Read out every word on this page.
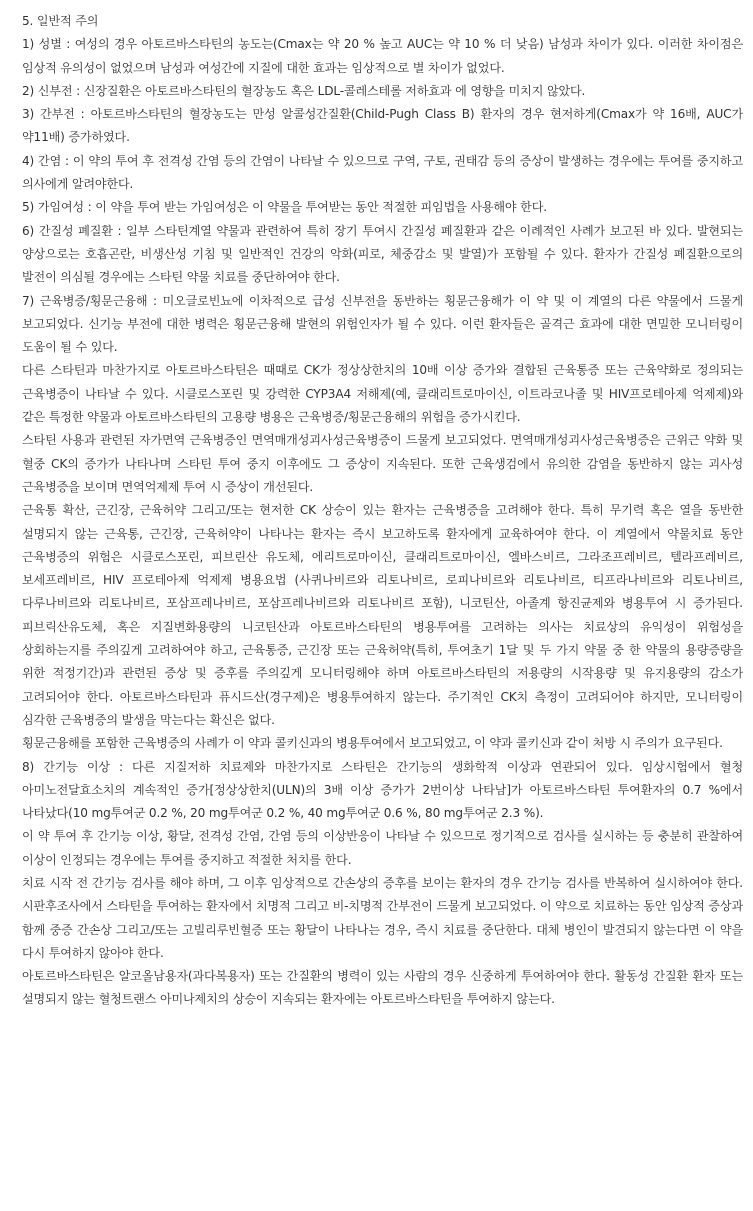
5. 일반적 주의

1) 성별 : 여성의 경우 아토르바스타틴의 농도는(Cmax는 약 20 % 높고 AUC는 약 10 % 더 낮음) 남성과 차이가 있다. 이러한 차이점은 임상적 유의성이 없었으며 남성과 여성간에 지질에 대한 효과는 임상적으로 별 차이가 없었다.

2) 신부전 : 신장질환은 아토르바스타틴의 혈장농도 혹은 LDL-콜레스테롤 저하효과 에 영향을 미치지 않았다.

3) 간부전 : 아토르바스타틴의 혈장농도는 만성 알콜성간질환(Child-Pugh Class B) 환자의 경우 현저하게(Cmax가 약 16배, AUC가 약11배) 증가하였다.

4) 간염 : 이 약의 투여 후 전격성 간염 등의 간염이 나타날 수 있으므로 구역, 구토, 권태감 등의 증상이 발생하는 경우에는 투여를 중지하고 의사에게 알려야한다.

5) 가임여성 : 이 약을 투여 받는 가임여성은 이 약물을 투여받는 동안 적절한 피임법을 사용해야 한다.

6) 간질성 폐질환 : 일부 스타틴계열 약물과 관련하여 특히 장기 투여시 간질성 폐질환과 같은 이례적인 사례가 보고된 바 있다. 발현되는 양상으로는 호흡곤란, 비생산성 기침 및 일반적인 건강의 악화(피로, 체중감소 및 발열)가 포함될 수 있다. 환자가 간질성 폐질환으로의 발전이 의심될 경우에는 스타틴 약물 치료를 중단하여야 한다.

7) 근육병증/횡문근융해 : 미오글로빈뇨에 이차적으로 급성 신부전을 동반하는 횡문근융해가 이 약 및 이 계열의 다른 약물에서 드물게 보고되었다. 신기능 부전에 대한 병력은 횡문근융해 발현의 위험인자가 될 수 있다. 이런 환자들은 골격근 효과에 대한 면밀한 모니터링이 도움이 될 수 있다.

다른 스타틴과 마찬가지로 아토르바스타틴은 때때로 CK가 정상상한치의 10배 이상 증가와 결합된 근육통증 또는 근육약화로 정의되는 근육병증이 나타날 수 있다. 시클로스포린 및 강력한 CYP3A4 저해제(예, 클래리트로마이신, 이트라코나졸 및 HIV프로테아제 억제제)와 같은 특정한 약물과 아토르바스타틴의 고용량 병용은 근육병증/횡문근융해의 위험을 증가시킨다.

스타틴 사용과 관련된 자가면역 근육병증인 면역매개성괴사성근육병증이 드물게 보고되었다. 면역매개성괴사성근육병증은 근위근 약화 및 혈중 CK의 증가가 나타나며 스타틴 투여 중지 이후에도 그 증상이 지속된다. 또한 근육생검에서 유의한 감염을 동반하지 않는 괴사성 근육병증을 보이며 면역억제제 투여 시 증상이 개선된다.

근육통 확산, 근긴장, 근육허약 그리고/또는 현저한 CK 상승이 있는 환자는 근육병증을 고려해야 한다. 특히 무기력 혹은 열을 동반한 설명되지 않는 근육통, 근긴장, 근육허약이 나타나는 환자는 즉시 보고하도록 환자에게 교육하여야 한다. 이 계열에서 약물치료 동안 근육병증의 위험은 시클로스포린, 피브린산 유도체, 에리트로마이신, 클래리트로마이신, 엘바스비르, 그라조프레비르, 텔라프레비르, 보세프레비르, HIV 프로테아제 억제제 병용요법 (사퀴나비르와 리토나비르, 로피나비르와 리토나비르, 티프라나비르와 리토나비르, 다루나비르와 리토나비르, 포삼프레나비르, 포삼프레나비르와 리토나비르 포함), 니코틴산, 아졸계 항진균제와 병용투여 시 증가된다. 피브릭산유도체, 혹은 지질변화용량의 니코틴산과 아토르바스타틴의 병용투여를 고려하는 의사는 치료상의 유익성이 위험성을 상회하는지를 주의깊게 고려하여야 하고, 근육통증, 근긴장 또는 근육허약(특히, 투여초기 1달 및 두 가지 약물 중 한 약물의 용량증량을 위한 적정기간)과 관련된 증상 및 증후를 주의깊게 모니터링해야 하며 아토르바스타틴의 저용량의 시작용량 및 유지용량의 감소가 고려되어야 한다. 아토르바스타틴과 퓨시드산(경구제)은 병용투여하지 않는다. 주기적인 CK치 측정이 고려되어야 하지만, 모니터링이 심각한 근육병증의 발생을 막는다는 확신은 없다.

횡문근융해를 포함한 근육병증의 사례가 이 약과 콜키신과의 병용투여에서 보고되었고, 이 약과 콜키신과 같이 처방 시 주의가 요구된다.

8) 간기능 이상 : 다른 지질저하 치료제와 마찬가지로 스타틴은 간기능의 생화학적 이상과 연관되어 있다. 임상시험에서 혈청 아미노전달효소치의 계속적인 증가[정상상한치(ULN)의 3배 이상 증가가 2번이상 나타남]가 아토르바스타틴 투여환자의 0.7 %에서 나타났다(10 mg투여군 0.2 %, 20 mg투여군 0.2 %, 40 mg투여군 0.6 %, 80 mg투여군 2.3 %).

이 약 투여 후 간기능 이상, 황달, 전격성 간염, 간염 등의 이상반응이 나타날 수 있으므로 정기적으로 검사를 실시하는 등 충분히 관찰하여 이상이 인정되는 경우에는 투여를 중지하고 적절한 처치를 한다.

치료 시작 전 간기능 검사를 해야 하며, 그 이후 임상적으로 간손상의 증후를 보이는 환자의 경우 간기능 검사를 반복하여 실시하여야 한다. 시판후조사에서 스타틴을 투여하는 환자에서 치명적 그리고 비-치명적 간부전이 드물게 보고되었다. 이 약으로 치료하는 동안 임상적 증상과 함께 중증 간손상 그리고/또는 고빌리루빈혈증 또는 황달이 나타나는 경우, 즉시 치료를 중단한다. 대체 병인이 발견되지 않는다면 이 약을 다시 투여하지 않아야 한다.

아토르바스타틴은 알코올남용자(과다복용자) 또는 간질환의 병력이 있는 사람의 경우 신중하게 투여하여야 한다. 활동성 간질환 환자 또는 설명되지 않는 혈청트랜스 아미나제치의 상승이 지속되는 환자에는 아토르바스타틴을 투여하지 않는다.
